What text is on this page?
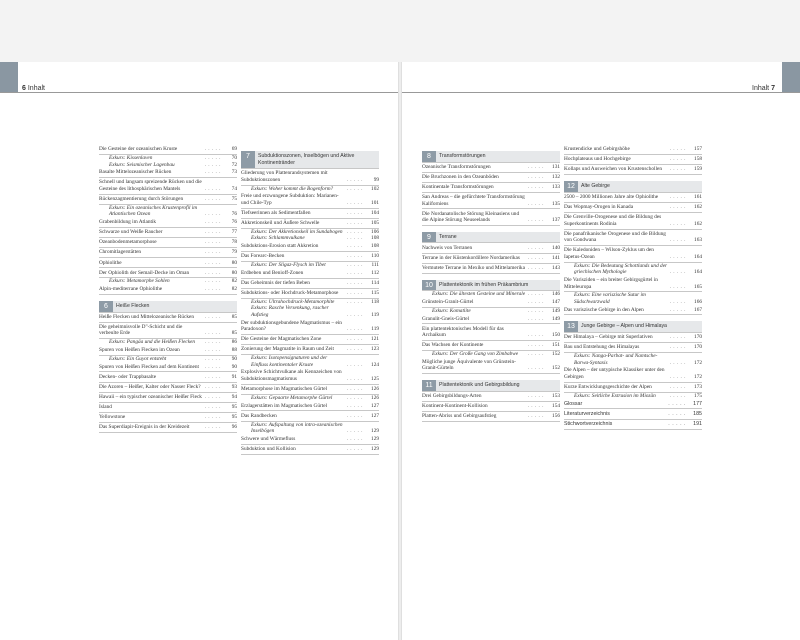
6 Inhalt	Inhalt 7
Die Gesteine der ozeanischen Kruste	. . . . .	69
Exkurs: Kissenlaven	. . . . .	70
Exkurs: Seismischer Lagenbau	. . . . .	72
Basalte Mittelozeanischer Rücken	. . . . .	73
Schnell und langsam spreizende Rücken und die Gesteine des lithosphärischen Mantels	. . . . .	74
Rückenzagmentierung durch Störungen	. . . . .	75
Exkurs: Ein ozeanisches Krustenprofil im Atlantischen Ozean	. . . . .	76
Grabenbildung im Atlantik	. . . . .	76
Schwarze und Weiße Raucher	. . . . .	77
Ozeanbodenmetamorphose	. . . . .	78
Chromitlagerstätten	. . . . .	79
Ophiolithe	. . . . .	80
Der Ophiolith der Semail-Decke im Oman	. . . . .	80
Exkurs: Metamorphe Sohlen	. . . . .	82
Alpin-mediterrane Ophiolithe	. . . . .	82
6	Heiße Flecken
Heiße Flecken und Mittelozeanische Rücken	. . . . .	85
Die geheimnisvolle D"-Schicht und die verbeulte Erde	. . . . .	85
Exkurs: Pangäa und die Heißen Flecken	. . . . .	86
Spuren von Heißen Flecken im Ozean	. . . . .	88
Exkurs: Ein Guyot entsteht	. . . . .	90
Spuren von Heißen Flecken auf dem Kontinent	. . . . .	90
Decken- oder Trappbasalte	. . . . .	91
Die Azoren – Heißer, Kalter oder Nasser Fleck? . . . . .	93
Hawaii – ein typischer ozeanischer Heißer Fleck . . . . .	94
Island	. . . . .	95
Yellowstone	. . . . .	95
Das Superdiapir-Ereignis in der Kreidezeit	. . . . .	96
7	Subduktionszonen, Inselbögen und Aktive Kontinentränder
Gliederung von Plattenrandsystemen mit Subduktionszonen	. . . . .	99
Exkurs: Woher kommt die Bogenform?	. . . . .	102
Freie und erzwungene Subduktion: Marianen- und Chile-Typ	. . . . .	101
Tiefseerinnen als Sedimentfallen	. . . . .	104
Akkretionskeil und Äußere Schwelle	. . . . .	105
Exkurs: Der Akkretionskeil im Sundabogen . . . . .	106
Exkurs: Schlammvulkane	. . . . .	108
Subduktions-Erosion statt Akkretion	. . . . .	108
Das Forearc-Becken	. . . . .	110
Exkurs: Der Sligaz-Flysch im Tibet	. . . . .	111
Erdbeben und Benioff-Zonen	. . . . .	112
Das Geheimnis der tiefen Beben	. . . . .	114
Subduktions- oder Hochdruck-Metamorphose	. . . . .	115
Exkurs: Ultrahochdruck-Metamorphite	. . . . .	118
Exkurs: Rasche Versenkung, rascher Aufstieg	. . . . .	119
Der subduktionsgebundene Magmatismus – ein Paradoxon?	. . . . .	119
Die Gesteine der Magmatischen Zone	. . . . .	121
Zonierung der Magmatite in Raum und Zeit	. . . . .	123
Exkurs: Isotopensignaturen und der Einfluss kontinentaler Kruste	. . . . .	124
Explosive Schichtvulkane als Kennzeichen von Subduktionsmagmatismus	. . . . .	125
Metamorphose im Magmatischen Gürtel	. . . . .	126
Exkurs: Gepaarte Metamorphe Gürtel	. . . . .	126
Erzlagerstätten im Magmatischen Gürtel	. . . . .	127
Das Randbecken	. . . . .	127
Exkurs: Aufspaltung von intra-ozeanischen Inselbögen	. . . . .	129
Schwere und Wärmefluss	. . . . .	129
Subduktion und Kollision	. . . . .	129
8	Transformstörungen
Ozeanische Transformstörungen	. . . . .	131
Die Bruchzonen in den Ozeanböden	. . . . .	132
Kontinentale Transformstörungen	. . . . .	133
San Andreas – die gefürchtete Transformstörung Kaliforniens	. . . . .	135
Die Nordanatolische Störung Kleinasiens und die Alpine Störung Neuseelands	. . . . .	137
9	Terrane
Nachweis von Terranen	. . . . .	140
Terrane in der Küstenkordillere Nordamerikas	. . . . .	141
Vermutete Terrane in Mexiko und Mittelamerika . . . . .	143
10	Plattentektonik im frühen Präkambrium
Exkurs: Die ältesten Gesteine und Minerale . . . . .	146
Grünstein-Granit-Gürtel	. . . . .	147
Exkurs: Komatiite	. . . . .	149
Granulit-Gneis-Gürtel	. . . . .	149
Ein plattentektonisches Modell für das Archaikum	. . . . .	150
Das Wachsen der Kontinente	. . . . .	151
Exkurs: Der Große Gang von Zimbabwe	. . . . .	152
Mögliche junge Äquivalente von Grünstein-Granit-Gürteln	. . . . .	152
11	Plattentektonik und Gebirgsbildung
Drei Gebirgsbildungs-Arten	. . . . .	153
Kontinent-Kontinent-Kollision	. . . . .	154
Platten-Abriss und Gebirgsaufstieg	. . . . .	156
Krustendicke und Gebirgshöhe	. . . . .	157
Hochplateaus und Hochgebirge	. . . . .	158
Kollaps und Ausweichen von Krustenschollen	. . . . .	159
12	Alte Gebirge
2500 – 2000 Millionen Jahre alte Ophiolithe	. . . . .	161
Das Wopmay-Orogen in Kanada	. . . . .	162
Die Grenville-Orogenese und die Bildung des Superkontinents Rodinia	. . . . .	162
Die panafrikanische Orogenese und die Bildung von Gondwana	. . . . .	163
Die Kaledoniden – Wilson-Zyklus um den Iapetus-Ozean	. . . . .	164
Exkurs: Die Bedeutung Schottlands und der griechischen Mythologie	. . . . .	164
Die Varisziden – ein breiter Gebirgsgürtel in Mitteleuropa	. . . . .	165
Exkurs: Eine variszische Sutur im Südschwarzwald	. . . . .	166
Das variszische Gebirge in den Alpen	. . . . .	167
13	Junge Gebirge – Alpen und Himalaya
Der Himalaya – Gebirge mit Superlativen	. . . . .	170
Bau und Entstehung des Himalayas	. . . . .	170
Exkurs: Nanga-Parbat- und Namtsche-Barwa-Syntaxis	. . . . .	172
Die Alpen – der untypische Klassiker unter den Gebirgen	. . . . .	172
Kurze Entwicklungsgeschichte der Alpen	. . . . .	173
Exkurs: Seitliche Extrusion im Miozän	. . . . .	175
Glossar	. . . . .	177
Literaturverzeichnis	. . . . .	185
Stichwortverzeichnis	. . . . .	191
